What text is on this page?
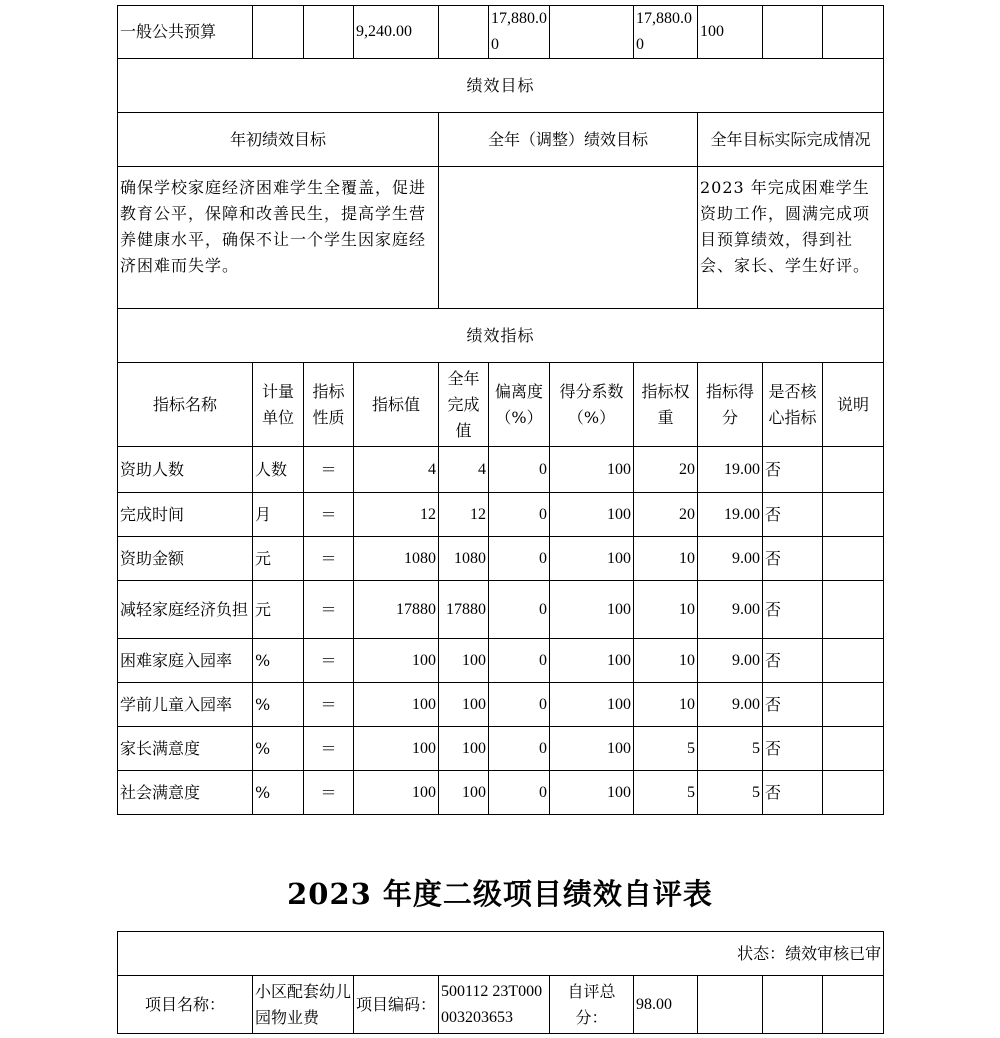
一般公共预算			9,240.00		17,880.00		17,880.00	100		
绩效目标										
年初绩效目标				全年（调整）绩效目标				全年目标实际完成情况		
确保学校家庭经济困难学生全覆盖，促进教育公平，保障和改善民生，提高学生营养健康水平，确保不让一个学生因家庭经济困难而失学。								2023 年完成困难学生资助工作，圆满完成项目预算绩效，得到社会、家长、学生好评。		
绩效指标										
指标名称	计量单位	指标性质	指标值	全年完成值	偏离度（%）	得分系数（%）	指标权重	指标得分	是否核心指标	说明
资助人数	人数	＝	4	4	0	100	20	19.00	否	
完成时间	月	＝	12	12	0	100	20	19.00	否	
资助金额	元	＝	1080	1080	0	100	10	9.00	否	
减轻家庭经济负担	元	＝	17880	17880	0	100	10	9.00	否	
困难家庭入园率	%	＝	100	100	0	100	10	9.00	否	
学前儿童入园率	%	＝	100	100	0	100	10	9.00	否	
家长满意度	%	＝	100	100	0	100	5	5	否	
社会满意度	%	＝	100	100	0	100	5	5	否	
2023 年度二级项目绩效自评表
状态：绩效审核已审
项目名称：	小区配套幼儿园物业费	项目编码：	500112 23T000003203653	自评总分：	98.00			
